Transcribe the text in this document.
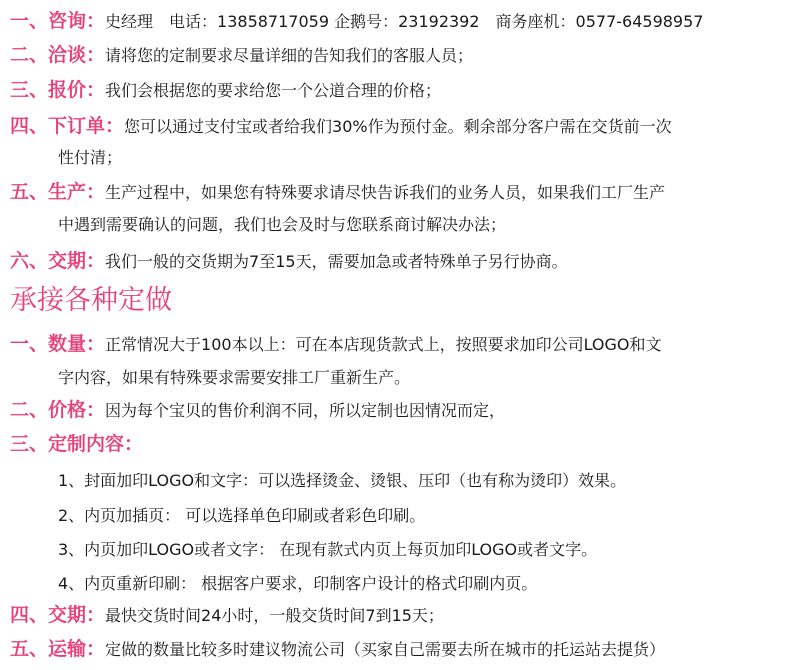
一、咨询：史经理　电话：13858717059 企鹅号：23192392　商务座机：0577-64598957
二、洽谈：请将您的定制要求尽量详细的告知我们的客服人员；
三、报价：我们会根据您的要求给您一个公道合理的价格；
四、下订单：您可以通过支付宝或者给我们30%作为预付金。剩余部分客户需在交货前一次
性付清；
五、生产：生产过程中，如果您有特殊要求请尽快告诉我们的业务人员，如果我们工厂生产
中遇到需要确认的问题，我们也会及时与您联系商讨解决办法；
六、交期：我们一般的交货期为7至15天，需要加急或者特殊单子另行协商。
承接各种定做
一、数量：正常情况大于100本以上：可在本店现货款式上，按照要求加印公司LOGO和文
字内容，如果有特殊要求需要安排工厂重新生产。
二、价格：因为每个宝贝的售价利润不同，所以定制也因情况而定，
三、定制内容：
1、封面加印LOGO和文字：可以选择烫金、烫银、压印（也有称为烫印）效果。
2、内页加插页： 可以选择单色印刷或者彩色印刷。
3、内页加印LOGO或者文字： 在现有款式内页上每页加印LOGO或者文字。
4、内页重新印刷： 根据客户要求，印制客户设计的格式印刷内页。
四、交期：最快交货时间24小时，一般交货时间7到15天；
五、运输：定做的数量比较多时建议物流公司（买家自己需要去所在城市的托运站去提货）
